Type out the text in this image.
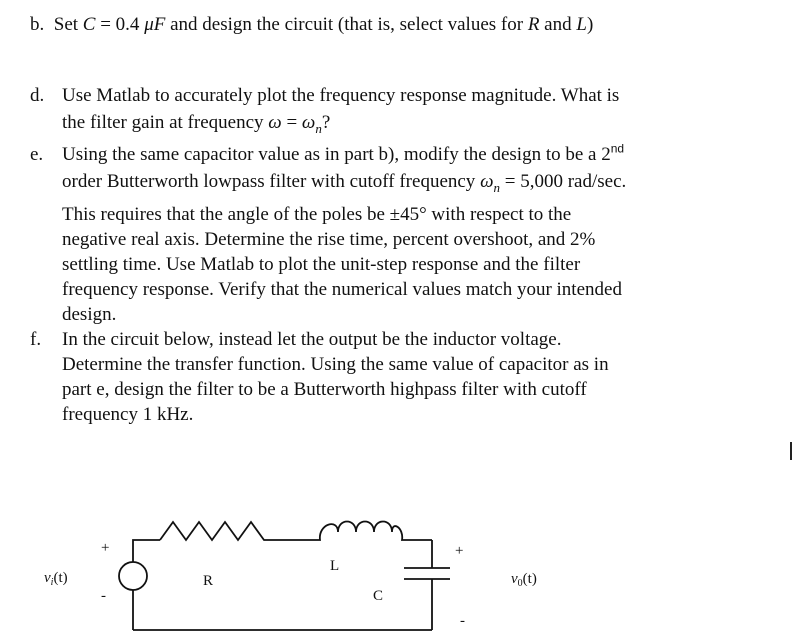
b. Set C = 0.4 μF and design the circuit (that is, select values for R and L)
d. Use Matlab to accurately plot the frequency response magnitude. What is
the filter gain at frequency $\omega = \omega_n$?
e. Using the same capacitor value as in part b), modify the design to be a 2nd
order Butterworth lowpass filter with cutoff frequency $\omega_n = 5,000$ rad/sec.
This requires that the angle of the poles be ±45° with respect to the
negative real axis. Determine the rise time, percent overshoot, and 2%
settling time. Use Matlab to plot the unit-step response and the filter
frequency response. Verify that the numerical values match your intended
design.
f. In the circuit below, instead let the output be the inductor voltage.
Determine the transfer function. Using the same value of capacitor as in
part e, design the filter to be a Butterworth highpass filter with cutoff
frequency 1 kHz.
$v_i(t)$
+
-
R
L
C
+
-
$v_0(t)$
